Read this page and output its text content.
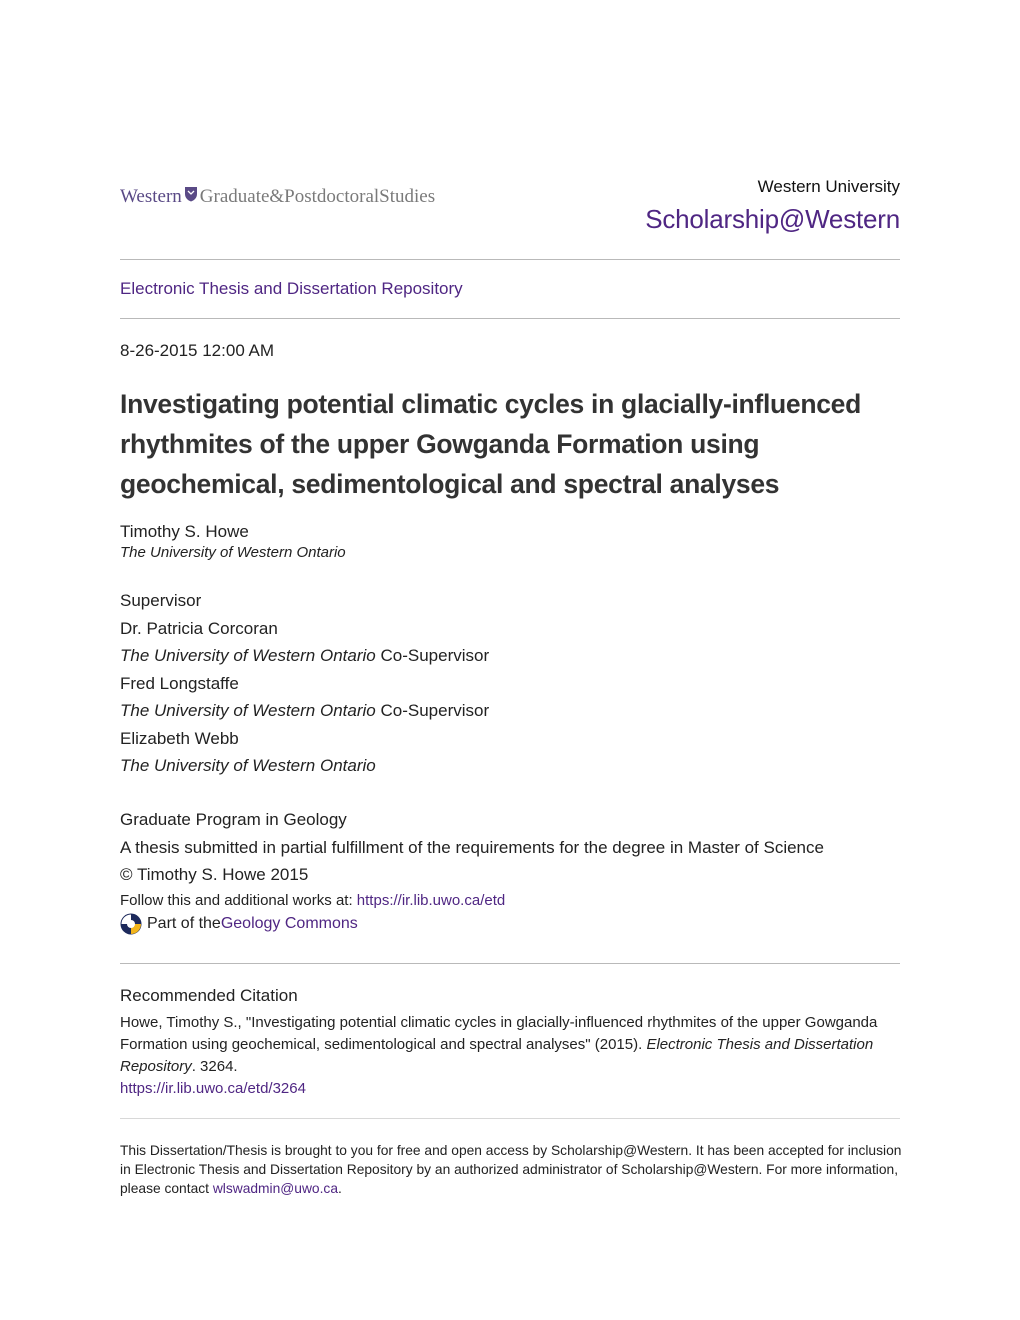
Western Graduate&PostdoctoralStudies	Western University
Scholarship@Western
Electronic Thesis and Dissertation Repository
8-26-2015 12:00 AM
Investigating potential climatic cycles in glacially-influenced rhythmites of the upper Gowganda Formation using geochemical, sedimentological and spectral analyses
Timothy S. Howe
The University of Western Ontario
Supervisor
Dr. Patricia Corcoran
The University of Western Ontario Co-Supervisor
Fred Longstaffe
The University of Western Ontario Co-Supervisor
Elizabeth Webb
The University of Western Ontario
Graduate Program in Geology
A thesis submitted in partial fulfillment of the requirements for the degree in Master of Science
© Timothy S. Howe 2015
Follow this and additional works at: https://ir.lib.uwo.ca/etd
Part of the Geology Commons
Recommended Citation
Howe, Timothy S., "Investigating potential climatic cycles in glacially-influenced rhythmites of the upper Gowganda Formation using geochemical, sedimentological and spectral analyses" (2015). Electronic Thesis and Dissertation Repository. 3264.
https://ir.lib.uwo.ca/etd/3264
This Dissertation/Thesis is brought to you for free and open access by Scholarship@Western. It has been accepted for inclusion in Electronic Thesis and Dissertation Repository by an authorized administrator of Scholarship@Western. For more information, please contact wlswadmin@uwo.ca.
